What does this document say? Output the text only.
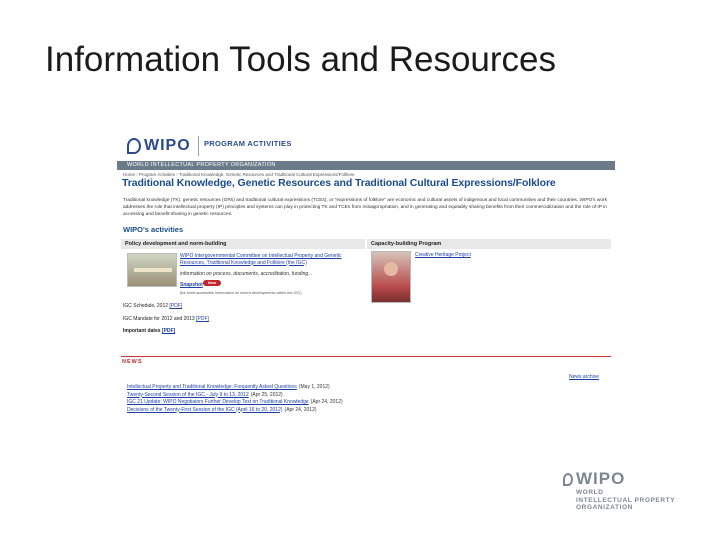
Information Tools and Resources
WIPO PROGRAM ACTIVITIES
WORLD INTELLECTUAL PROPERTY ORGANIZATION
Home › Program Activities › Traditional Knowledge, Genetic Resources and Traditional Cultural Expressions/Folklore
Traditional Knowledge, Genetic Resources and Traditional Cultural Expressions/Folklore
Traditional knowledge (TK), genetic resources (GRs) and traditional cultural expressions (TCEs), or "expressions of folklore" are economic and cultural assets of indigenous and local communities and their countries. WIPO's work addresses the role that intellectual property (IP) principles and systems can play in protecting TK and TCEs from misappropriation, and in generating and equitably sharing benefits from their commercialization and the role of IP in accessing and benefit-sharing in genetic resources.
WIPO's activities
Policy development and norm-building	Capacity-building Program
WIPO Intergovernmental Committee on Intellectual Property and Genetic Resources, Traditional Knowledge and Folklore (the IGC)
information on process, documents, accreditation, funding...
Snapshot	New
(for short accessible information on recent developments within the IGC)
Creative Heritage Project
IGC Schedule, 2012 [PDF]
IGC Mandate for 2012 and 2013 [PDF]
Important dates [PDF]
NEWS
News archive
Intellectual Property and Traditional Knowledge: Frequently Asked Questions (May 1, 2012)
Twenty-Second Session of the IGC - July 9 to 13, 2012 (Apr 25, 2012)
IGC 21 Update: WIPO Negotiators Further Develop Text on Traditional Knowledge (Apr 24, 2012)
Decisions of the Twenty-First Session of the IGC (April 16 to 20, 2012) (Apr 24, 2012)
WIPO
WORLD
INTELLECTUAL PROPERTY
ORGANIZATION
